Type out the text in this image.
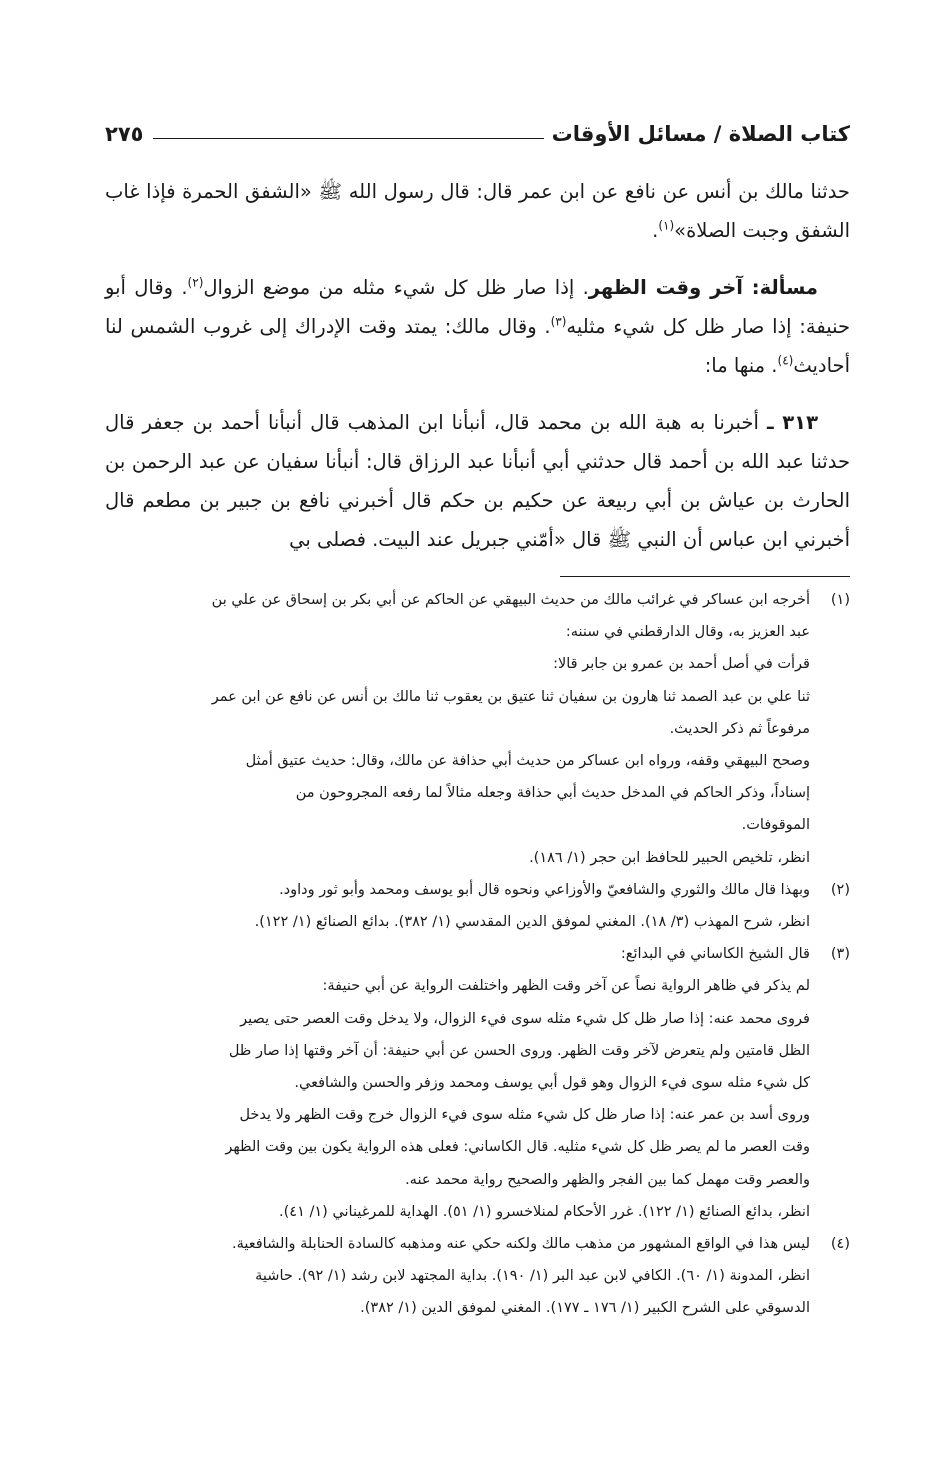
كتاب الصلاة / مسائل الأوقات
٢٧٥

حدثنا مالك بن أنس عن نافع عن ابن عمر قال: قال رسول الله ﷺ «الشفق الحمرة فإذا غاب الشفق وجبت الصلاة»$^{(١)}$.

مسألة: آخر وقت الظهر. إذا صار ظل كل شيء مثله من موضع الزوال$^{(٢)}$. وقال أبو حنيفة: إذا صار ظل كل شيء مثليه$^{(٣)}$. وقال مالك: يمتد وقت الإدراك إلى غروب الشمس لنا أحاديث$^{(٤)}$. منها ما:

٣١٣ ـ أخبرنا به هبة الله بن محمد قال، أنبأنا ابن المذهب قال أنبأنا أحمد بن جعفر قال حدثنا عبد الله بن أحمد قال حدثني أبي أنبأنا عبد الرزاق قال: أنبأنا سفيان عن عبد الرحمن بن الحارث بن عياش بن أبي ربيعة عن حكيم بن حكم قال أخبرني نافع بن جبير بن مطعم قال أخبرني ابن عباس أن النبي ﷺ قال «أمّني جبريل عند البيت. فصلى بي

(١)

أخرجه ابن عساكر في غرائب مالك من حديث البيهقي عن الحاكم عن أبي بكر بن إسحاق عن علي بن

عبد العزيز به، وقال الدارقطني في سننه:

قرأت في أصل أحمد بن عمرو بن جابر قالا:

ثنا علي بن عبد الصمد ثنا هارون بن سفيان ثنا عتيق بن يعقوب ثنا مالك بن أنس عن نافع عن ابن عمر

مرفوعاً ثم ذكر الحديث.

وصحح البيهقي وقفه، ورواه ابن عساكر من حديث أبي حذافة عن مالك، وقال: حديث عتيق أمثل

إسناداً، وذكر الحاكم في المدخل حديث أبي حذافة وجعله مثالاً لما رفعه المجروحون من

الموقوفات.

انظر، تلخيص الحبير للحافظ ابن حجر (١/ ١٨٦).

(٢)

وبهذا قال مالك والثوري والشافعيّ والأوزاعي ونحوه قال أبو يوسف ومحمد وأبو ثور وداود.

انظر، شرح المهذب (٣/ ١٨). المغني لموفق الدين المقدسي (١/ ٣٨٢). بدائع الصنائع (١/ ١٢٢).

(٣)

قال الشيخ الكاساني في البدائع:

لم يذكر في ظاهر الرواية نصاً عن آخر وقت الظهر واختلفت الرواية عن أبي حنيفة:

فروى محمد عنه: إذا صار ظل كل شيء مثله سوى فيء الزوال، ولا يدخل وقت العصر حتى يصير

الظل قامتين ولم يتعرض لآخر وقت الظهر. وروى الحسن عن أبي حنيفة: أن آخر وقتها إذا صار ظل

كل شيء مثله سوى فيء الزوال وهو قول أبي يوسف ومحمد وزفر والحسن والشافعي.

وروى أسد بن عمر عنه: إذا صار ظل كل شيء مثله سوى فيء الزوال خرج وقت الظهر ولا يدخل

وقت العصر ما لم يصر ظل كل شيء مثليه. قال الكاساني: فعلى هذه الرواية يكون بين وقت الظهر

والعصر وقت مهمل كما بين الفجر والظهر والصحيح رواية محمد عنه.

انظر، بدائع الصنائع (١/ ١٢٢). غرر الأحكام لمنلاخسرو (١/ ٥١). الهداية للمرغيناني (١/ ٤١).

(٤)

ليس هذا في الواقع المشهور من مذهب مالك ولكنه حكي عنه ومذهبه كالسادة الحنابلة والشافعية.

انظر، المدونة (١/ ٦٠). الكافي لابن عبد البر (١/ ١٩٠). بداية المجتهد لابن رشد (١/ ٩٢). حاشية

الدسوقي على الشرح الكبير (١/ ١٧٦ ـ ١٧٧). المغني لموفق الدين (١/ ٣٨٢).
